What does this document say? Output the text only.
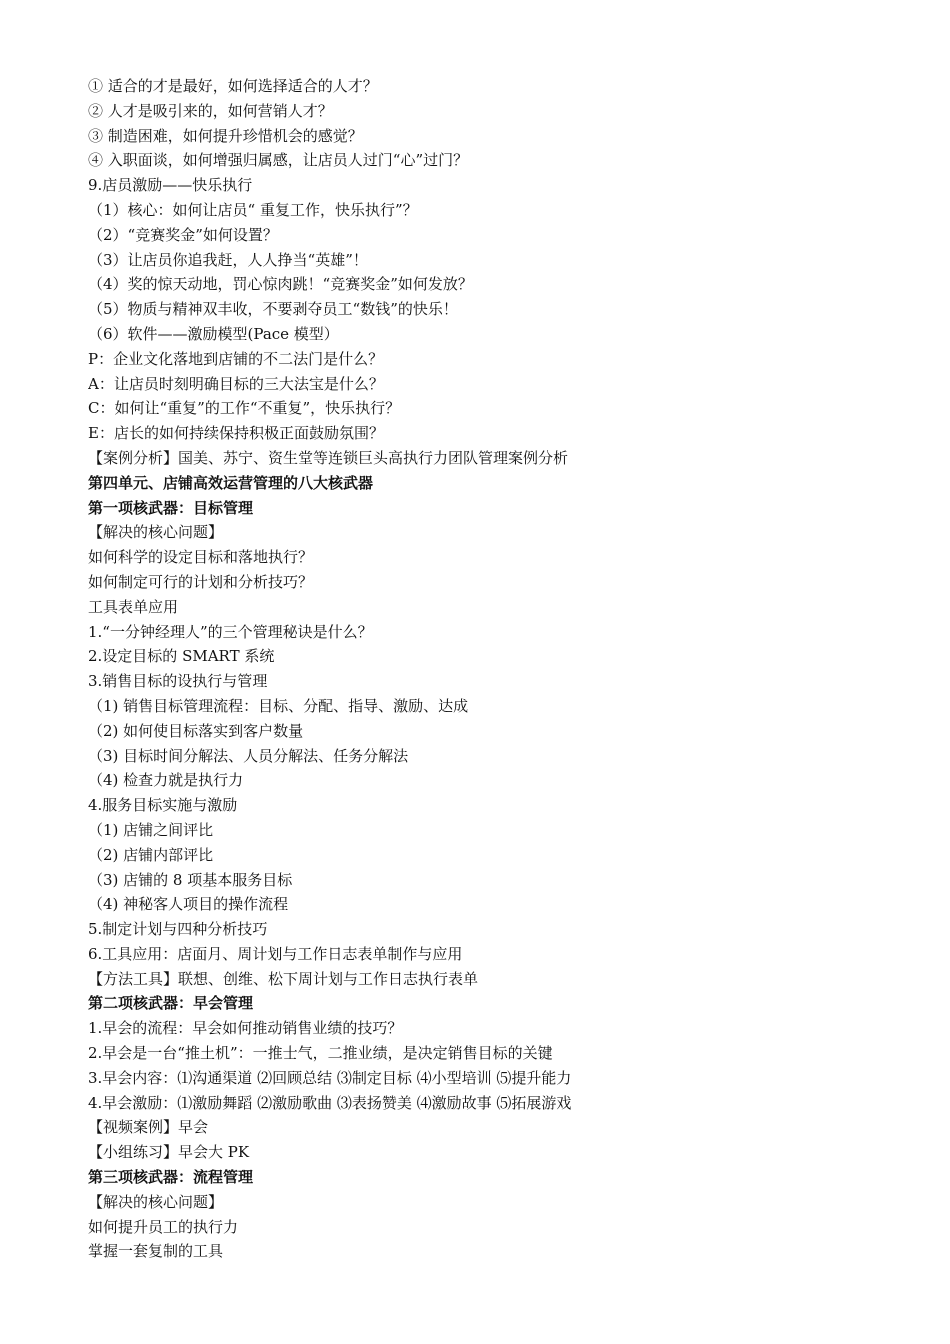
① 适合的才是最好，如何选择适合的人才？
② 人才是吸引来的，如何营销人才？
③ 制造困难，如何提升珍惜机会的感觉？
④ 入职面谈，如何增强归属感，让店员人过门“心”过门？
9.店员激励——快乐执行
（1）核心：如何让店员“ 重复工作，快乐执行”？
（2）“竞赛奖金”如何设置？
（3）让店员你追我赶，人人挣当“英雄”！
（4）奖的惊天动地，罚心惊肉跳！“竞赛奖金”如何发放？
（5）物质与精神双丰收，不要剥夺员工“数钱”的快乐！
（6）软件——激励模型(Pace 模型）
P：企业文化落地到店铺的不二法门是什么？
A：让店员时刻明确目标的三大法宝是什么？
C：如何让“重复”的工作“不重复”，快乐执行？
E：店长的如何持续保持积极正面鼓励氛围？
【案例分析】国美、苏宁、资生堂等连锁巨头高执行力团队管理案例分析
第四单元、店铺高效运营管理的八大核武器
第一项核武器：目标管理
【解决的核心问题】
如何科学的设定目标和落地执行？
如何制定可行的计划和分析技巧？
工具表单应用
1.“一分钟经理人”的三个管理秘诀是什么？
2.设定目标的 SMART 系统
3.销售目标的设执行与管理
（1) 销售目标管理流程：目标、分配、指导、激励、达成
（2) 如何使目标落实到客户数量
（3) 目标时间分解法、人员分解法、任务分解法
（4) 检查力就是执行力
4.服务目标实施与激励
（1) 店铺之间评比
（2) 店铺内部评比
（3) 店铺的 8 项基本服务目标
（4) 神秘客人项目的操作流程
5.制定计划与四种分析技巧
6.工具应用：店面月、周计划与工作日志表单制作与应用
【方法工具】联想、创维、松下周计划与工作日志执行表单
第二项核武器：早会管理
1.早会的流程：早会如何推动销售业绩的技巧？
2.早会是一台“推土机”：一推士气，二推业绩，是决定销售目标的关键
3.早会内容：⑴沟通渠道 ⑵回顾总结 ⑶制定目标 ⑷小型培训 ⑸提升能力
4.早会激励：⑴激励舞蹈 ⑵激励歌曲 ⑶表扬赞美 ⑷激励故事 ⑸拓展游戏
【视频案例】早会
【小组练习】早会大 PK
第三项核武器：流程管理
【解决的核心问题】
如何提升员工的执行力
掌握一套复制的工具
